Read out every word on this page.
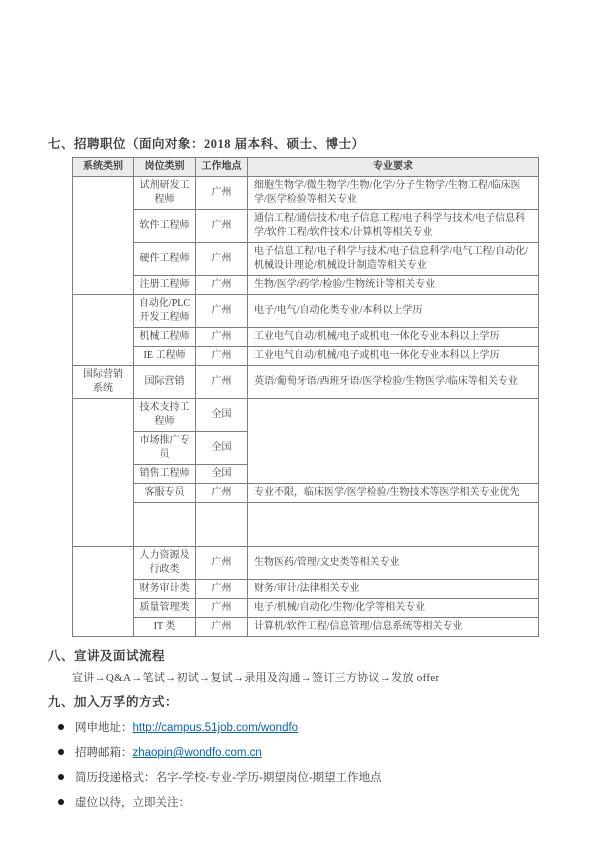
七、招聘职位（面向对象：2018 届本科、硕士、博士）
系统类别	岗位类别	工作地点	专业要求
	试剂研发工程师	广州	细胞生物学/微生物学/生物/化学/分子生物学/生物工程/临床医学/医学检验等相关专业
	软件工程师	广州	通信工程/通信技术/电子信息工程/电子科学与技术/电子信息科学/软件工程/软件技术/计算机等相关专业
	硬件工程师	广州	电子信息工程/电子科学与技术/电子信息科学/电气工程/自动化/机械设计理论/机械设计制造等相关专业
	注册工程师	广州	生物/医学/药学/检验/生物统计等相关专业
	自动化/PLC开发工程师	广州	电子/电气/自动化类专业/本科以上学历
	机械工程师	广州	工业电气自动/机械/电子或机电一体化专业本科以上学历
	IE 工程师	广州	工业电气自动/机械/电子或机电一体化专业本科以上学历
国际营销系统	国际营销	广州	英语/葡萄牙语/西班牙语/医学检验/生物医学/临床等相关专业
	技术支持工程师	全国	
	市场推广专员	全国	
	销售工程师	全国	
	客服专员	广州	专业不限，临床医学/医学检验/生物技术等医学相关专业优先

	人力资源及行政类	广州	生物医药/管理/文史类等相关专业
	财务审计类	广州	财务/审计/法律相关专业
	质量管理类	广州	电子/机械/自动化/生物/化学等相关专业
	IT 类	广州	计算机/软件工程/信息管理/信息系统等相关专业
八、宣讲及面试流程
宣讲→Q&A→笔试→初试→复试→录用及沟通→签订三方协议→发放 offer
九、加入万孚的方式：
网申地址： http://campus.51job.com/wondfo
招聘邮箱： zhaopin@wondfo.com.cn
简历投递格式：名字-学校-专业-学历-期望岗位-期望工作地点
虚位以待，立即关注：
